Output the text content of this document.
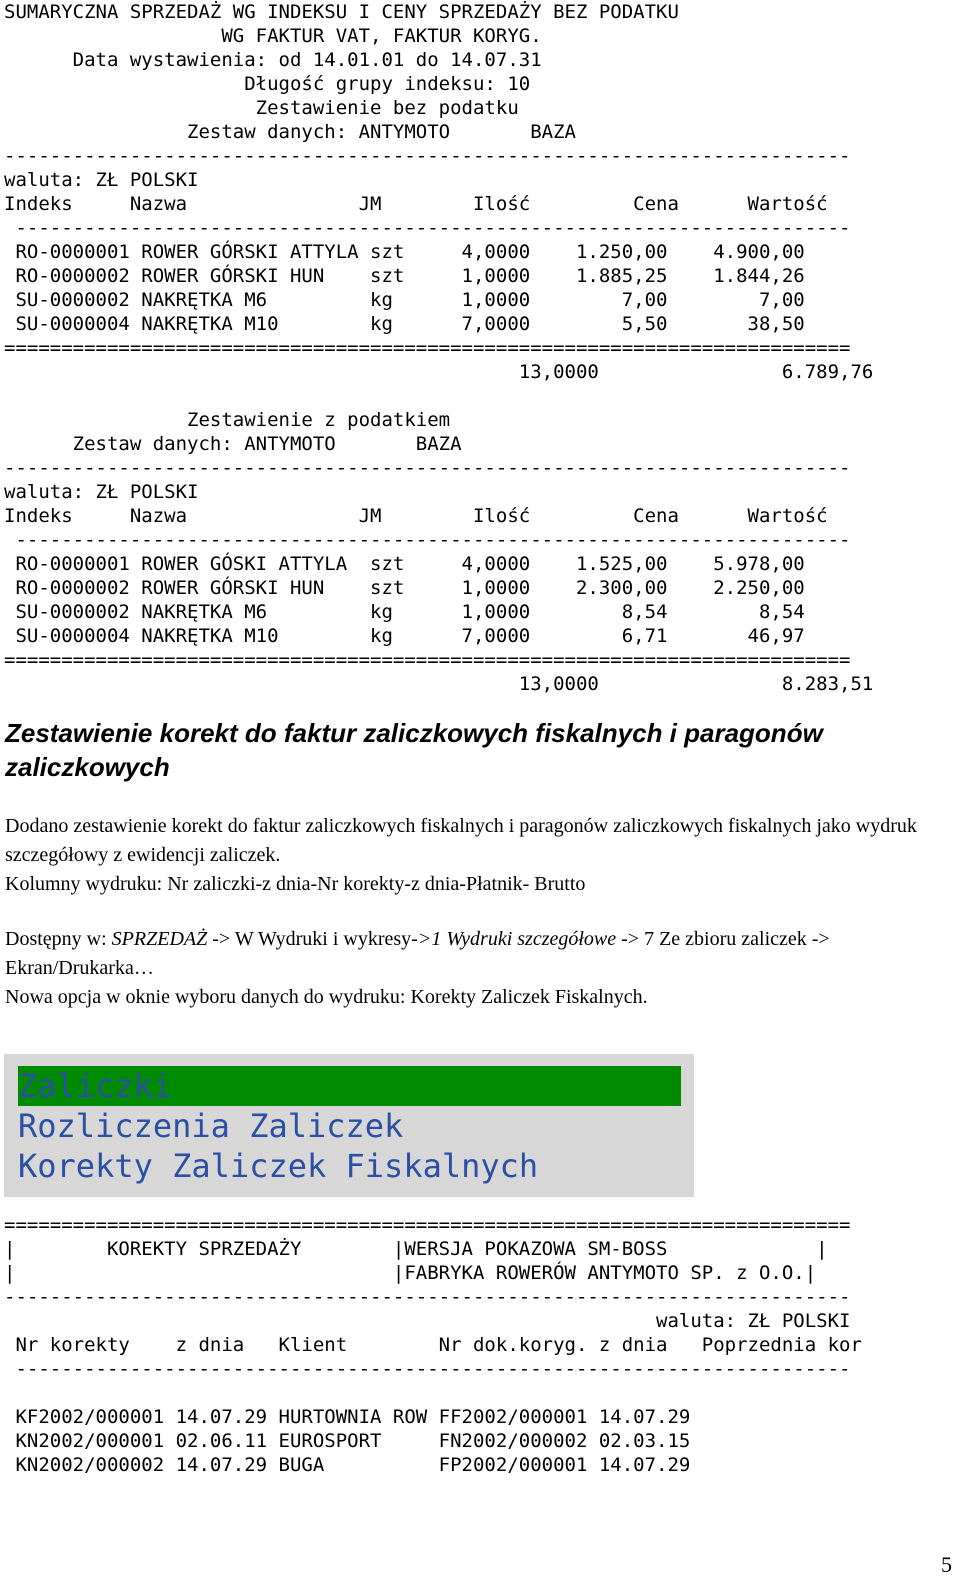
SUMARYCZNA SPRZEDAŻ WG INDEKSU I CENY SPRZEDAŻY BEZ PODATKU
WG FAKTUR VAT, FAKTUR KORYG.
Data wystawienia: od 14.01.01 do 14.07.31
Długość grupy indeksu: 10
Zestawienie bez podatku
Zestaw danych: ANTYMOTO       BAZA
--------------------------------------------------------------------------
waluta: ZŁ POLSKI
Indeks     Nazwa               JM        Ilość         Cena      Wartość
-------------------------------------------------------------------------
RO-0000001 ROWER GÓRSKI ATTYLA szt     4,0000    1.250,00    4.900,00
RO-0000002 ROWER GÓRSKI HUN    szt     1,0000    1.885,25    1.844,26
SU-0000002 NAKRĘTKA M6         kg      1,0000        7,00        7,00
SU-0000004 NAKRĘTKA M10        kg      7,0000        5,50       38,50
==========================================================================
13,0000                6.789,76
Zestawienie z podatkiem
Zestaw danych: ANTYMOTO       BAZA
--------------------------------------------------------------------------
waluta: ZŁ POLSKI
Indeks     Nazwa               JM        Ilość         Cena      Wartość
-------------------------------------------------------------------------
RO-0000001 ROWER GÓSKI ATTYLA  szt     4,0000    1.525,00    5.978,00
RO-0000002 ROWER GÓRSKI HUN    szt     1,0000    2.300,00    2.250,00
SU-0000002 NAKRĘTKA M6         kg      1,0000        8,54        8,54
SU-0000004 NAKRĘTKA M10        kg      7,0000        6,71       46,97
==========================================================================
13,0000                8.283,51
Zestawienie korekt do faktur zaliczkowych fiskalnych i paragonów zaliczkowych

Dodano zestawienie korekt do faktur zaliczkowych fiskalnych i paragonów zaliczkowych fiskalnych jako wydruk szczegółowy z ewidencji zaliczek.
Kolumny wydruku: Nr zaliczki-z dnia-Nr korekty-z dnia-Płatnik- Brutto

Dostępny w: SPRZEDAŻ -> W Wydruki i wykresy->1 Wydruki szczegółowe -> 7 Ze zbioru zaliczek -> Ekran/Drukarka…
Nowa opcja w oknie wyboru danych do wydruku: Korekty Zaliczek Fiskalnych.

Zaliczki
Rozliczenia Zaliczek
Korekty Zaliczek Fiskalnych
==========================================================================
|        KOREKTY SPRZEDAŻY        |WERSJA POKAZOWA SM-BOSS             |
|                                 |FABRYKA ROWERÓW ANTYMOTO SP. z O.O.|
--------------------------------------------------------------------------
waluta: ZŁ POLSKI
Nr korekty    z dnia   Klient        Nr dok.koryg. z dnia   Poprzednia kor
-------------------------------------------------------------------------
KF2002/000001 14.07.29 HURTOWNIA ROW FF2002/000001 14.07.29
KN2002/000001 02.06.11 EUROSPORT     FN2002/000002 02.03.15
KN2002/000002 14.07.29 BUGA          FP2002/000001 14.07.29
5
